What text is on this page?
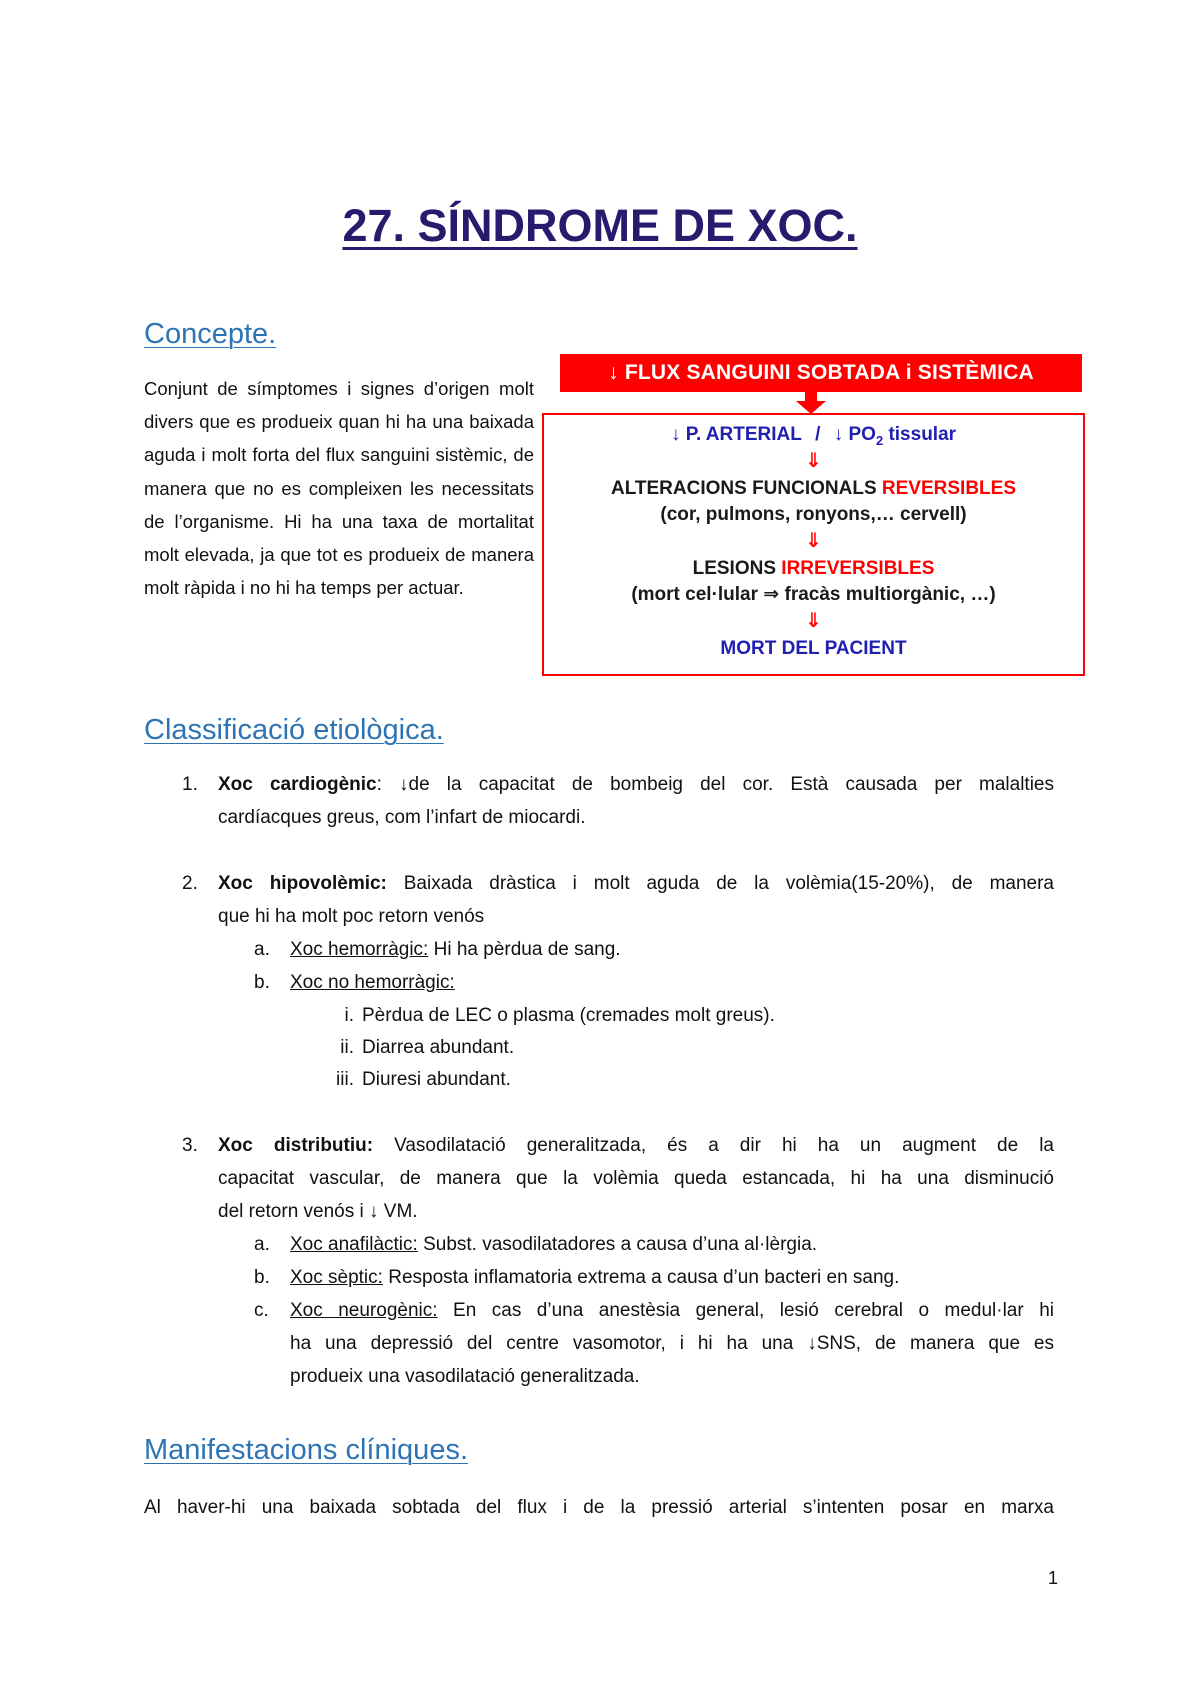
27. SÍNDROME DE XOC.
Concepte.

Conjunt de símptomes i signes d’origen molt divers que es produeix quan hi ha una baixada aguda i molt forta del flux sanguini sistèmic, de manera que no es compleixen les necessitats de l’organisme. Hi ha una taxa de mortalitat molt elevada, ja que tot es produeix de manera molt ràpida i no hi ha temps per actuar.

↓ FLUX SANGUINI SOBTADA i SISTÈMICA
↓ P. ARTERIAL / ↓ $PO_2$ tissular
⇓
ALTERACIONS FUNCIONALS REVERSIBLES
(cor, pulmons, ronyons,… cervell)
⇓
LESIONS IRREVERSIBLES
(mort cel·lular ⇒ fracàs multiorgànic, …)
⇓
MORT DEL PACIENT
Classificació etiològica.
1. Xoc cardiogènic: ↓de la capacitat de bombeig del cor. Està causada per malalties
cardíacques greus, com l’infart de miocardi.
2. Xoc hipovolèmic: Baixada dràstica i molt aguda de la volèmia(15-20%), de manera
que hi ha molt poc retorn venós
a. Xoc hemorràgic: Hi ha pèrdua de sang.
b. Xoc no hemorràgic:
i. Pèrdua de LEC o plasma (cremades molt greus).
ii. Diarrea abundant.
iii. Diuresi abundant.
3. Xoc distributiu: Vasodilatació generalitzada, és a dir hi ha un augment de la
capacitat vascular, de manera que la volèmia queda estancada, hi ha una disminució
del retorn venós i ↓ VM.
a. Xoc anafilàctic: Subst. vasodilatadores a causa d’una al·lèrgia.
b. Xoc sèptic: Resposta inflamatoria extrema a causa d’un bacteri en sang.
c. Xoc neurogènic: En cas d’una anestèsia general, lesió cerebral o medul·lar hi
ha una depressió del centre vasomotor, i hi ha una ↓SNS, de manera que es
produeix una vasodilatació generalitzada.
Manifestacions clíniques.
Al haver-hi una baixada sobtada del flux i de la pressió arterial s’intenten posar en marxa
1
